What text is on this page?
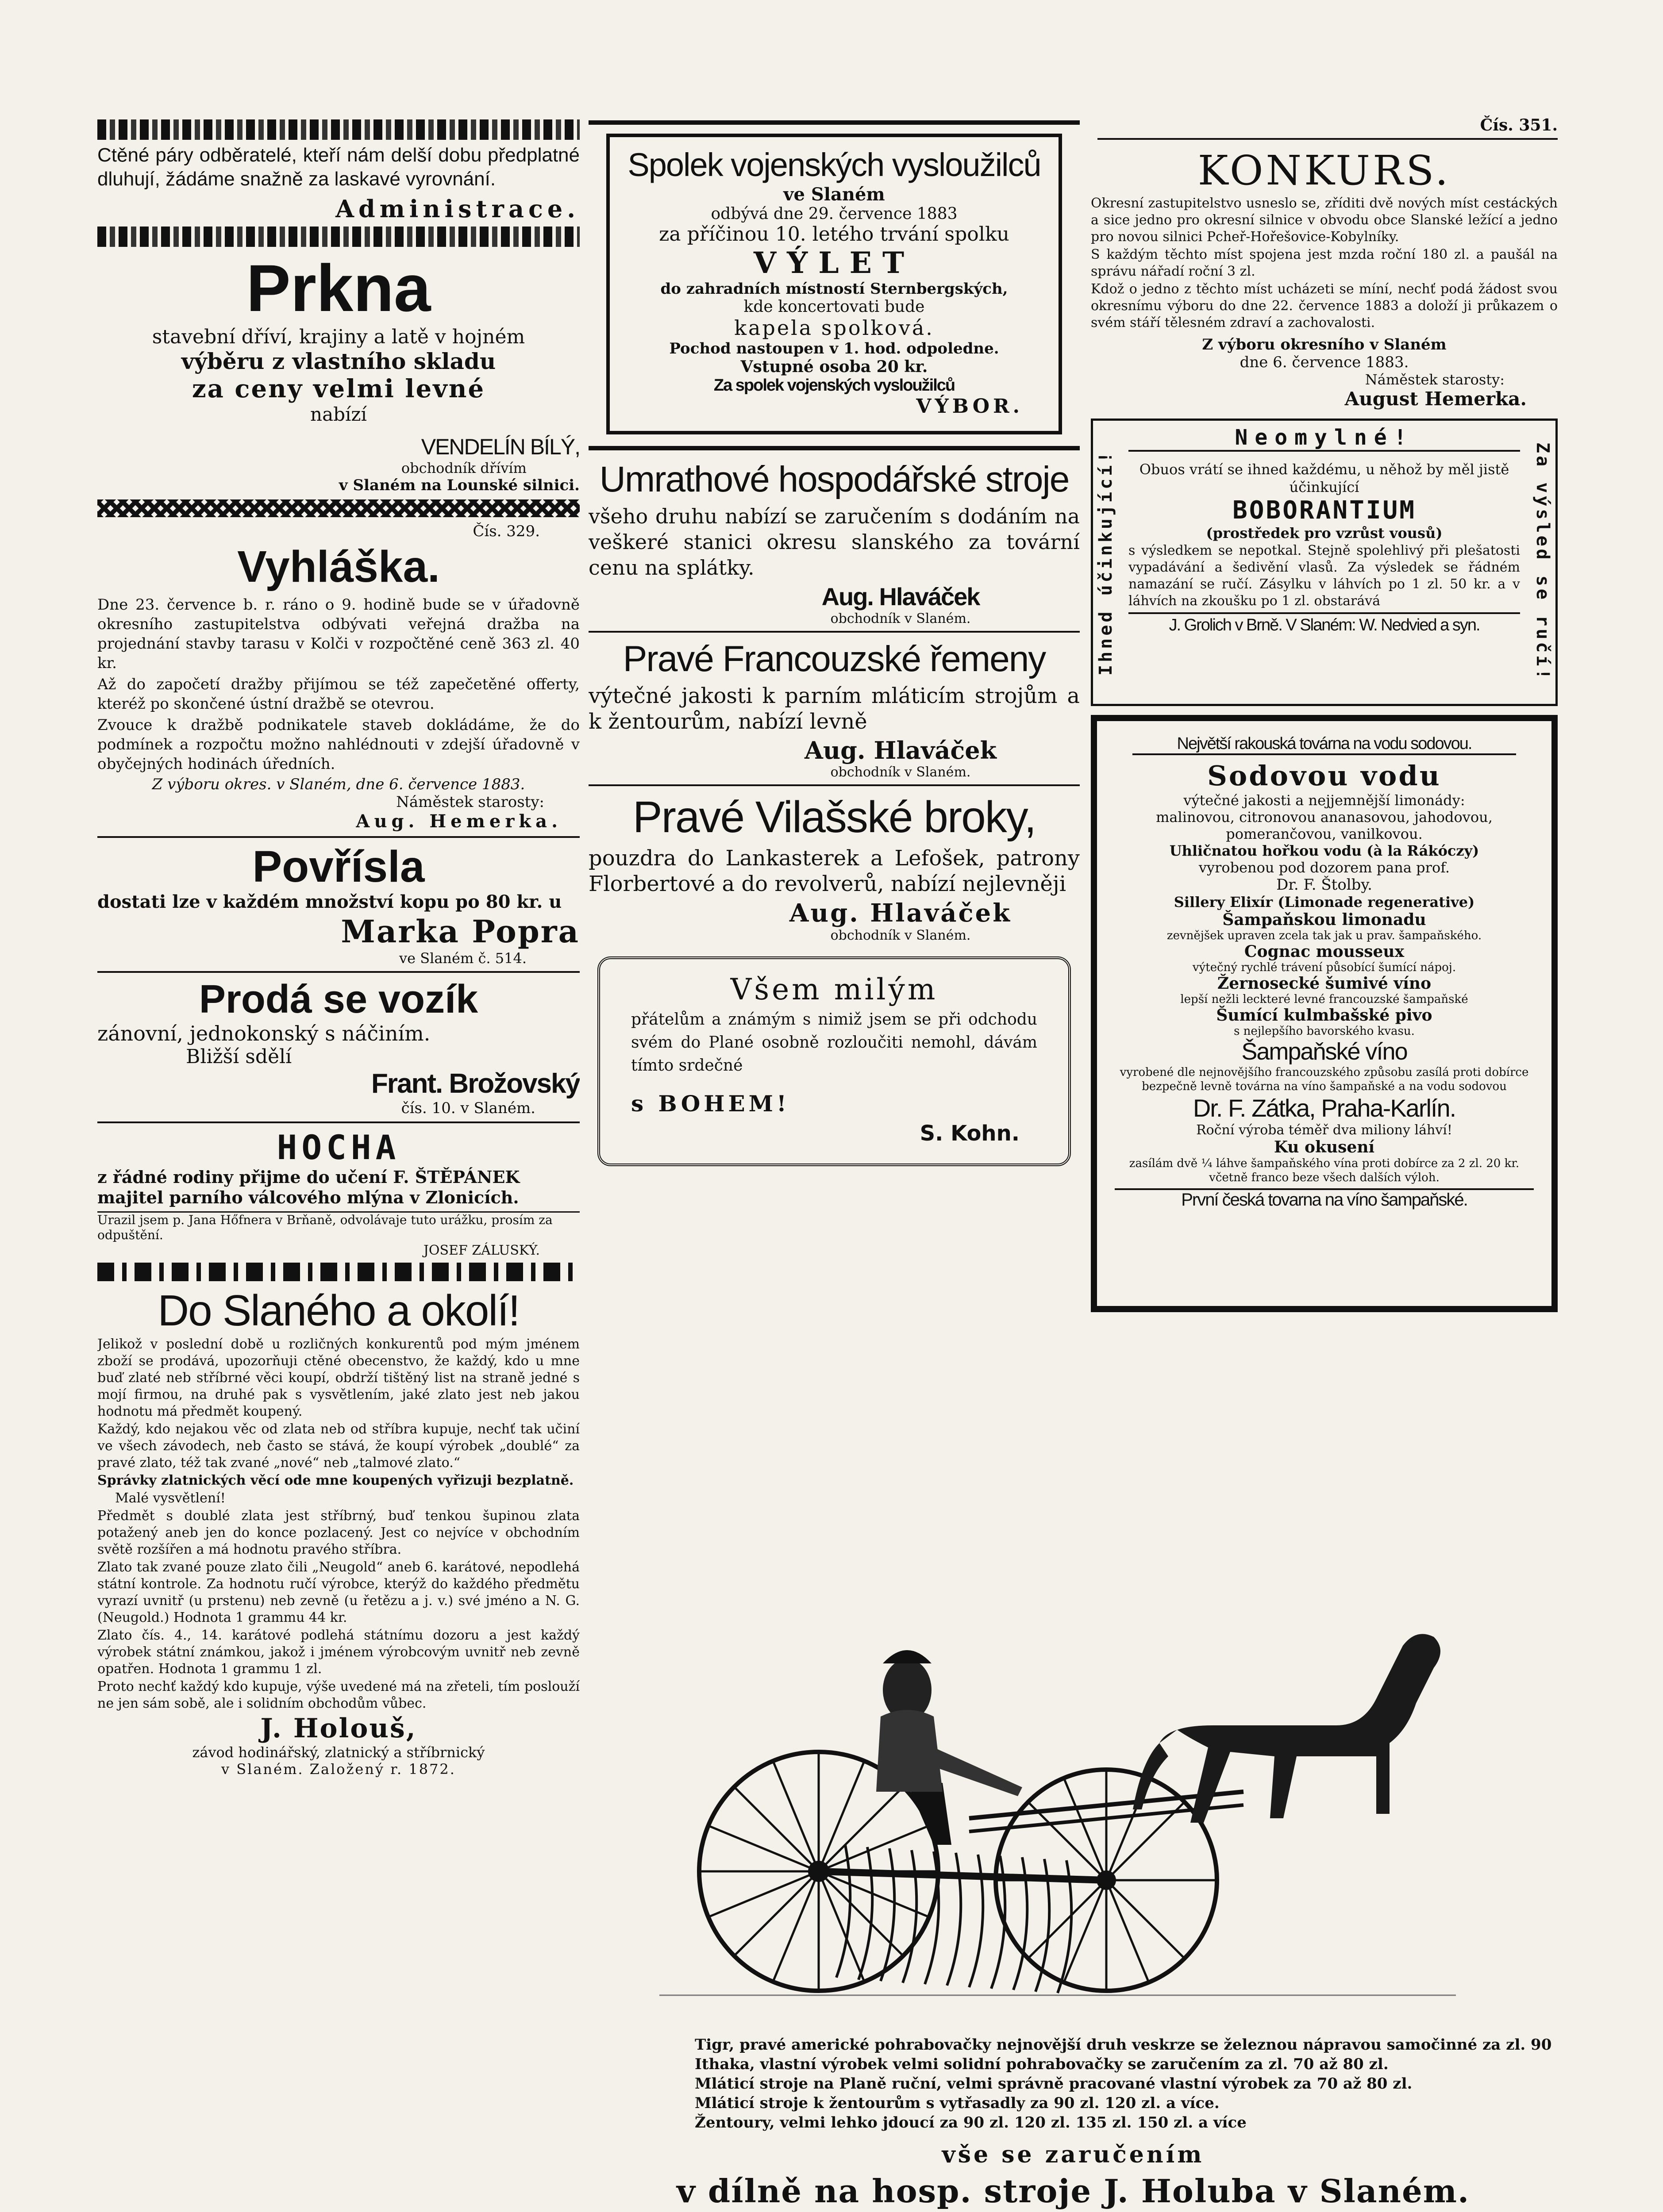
Čís. 351.
Ctěné páry odběratelé, kteří nám delší dobu předplatné dluhují, žádáme snažně za laskavé vyrovnání.
Administrace.
Prkna
stavební dříví, krajiny a latě v hojném
výběru z vlastního skladu
za ceny velmi levné
nabízí
VENDELÍN BÍLÝ,
obchodník dřívím
v Slaném na Lounské silnici.
Čís. 329.
Vyhláška.

Dne 23. července b. r. ráno o 9. hodině bude se v úřadovně okresního zastupitelstva odbývati veřejná dražba na projednání stavby tarasu v Kolči v rozpočtěné ceně 363 zl. 40 kr.

Až do započetí dražby přijímou se též zapečetěné offerty, kteréž po skončené ústní dražbě se otevrou.

Zvouce k dražbě podnikatele staveb dokládáme, že do podmínek a rozpočtu možno nahlédnouti v zdejší úřadovně v obyčejných hodinách úředních.

Z výboru okres. v Slaném, dne 6. července 1883.
Náměstek starosty:
Aug. Hemerka.
Povřísla
dostati lze v každém množství kopu po 80 kr. u
Marka Popra
ve Slaném č. 514.
Prodá se vozík
zánovní, jednokonský s náčiním.
Bližší sdělí
Frant. Brožovský
čís. 10. v Slaném.
HOCHA
z řádné rodiny přijme do učení F. ŠTĚPÁNEK majitel parního válcového mlýna v Zlonicích.
Urazil jsem p. Jana Hőfnera v Brňaně, odvolávaje tuto urážku, prosím za odpuštění.
JOSEF ZÁLUSKÝ.
Do Slaného a okolí!

Jelikož v poslední době u rozličných konkurentů pod mým jménem zboží se prodává, upozorňuji ctěné obecenstvo, že každý, kdo u mne buď zlaté neb stříbrné věci koupí, obdrží tištěný list na straně jedné s mojí firmou, na druhé pak s vysvětlením, jaké zlato jest neb jakou hodnotu má předmět koupený.

Každý, kdo nejakou věc od zlata neb od stříbra kupuje, nechť tak učiní ve všech závodech, neb často se stává, že koupí výrobek „doublé“ za pravé zlato, též tak zvané „nové“ neb „talmové zlato.“

Správky zlatnických věcí ode mne koupených vyřizuji bezplatně.

Malé vysvětlení!

Předmět s doublé zlata jest stříbrný, buď tenkou šupinou zlata potažený aneb jen do konce pozlacený. Jest co nejvíce v obchodním světě rozšířen a má hodnotu pravého stříbra.

Zlato tak zvané pouze zlato čili „Neugold“ aneb 6. karátové, nepodlehá státní kontrole. Za hodnotu ručí výrobce, kterýž do každého předmětu vyrazí uvnitř (u prstenu) neb zevně (u řetězu a j. v.) své jméno a N. G. (Neugold.) Hodnota 1 grammu 44 kr.

Zlato čís. 4., 14. karátové podlehá státnímu dozoru a jest každý výrobek státní známkou, jakož i jménem výrobcovým uvnitř neb zevně opatřen. Hodnota 1 grammu 1 zl.

Proto nechť každý kdo kupuje, výše uvedené má na zřeteli, tím poslouží ne jen sám sobě, ale i solidním obchodům vůbec.

J. Holouš,
závod hodinářský, zlatnický a stříbrnický
v Slaném. Založený r. 1872.
Spolek vojenských vysloužilců
ve Slaném
odbývá dne 29. července 1883
za příčinou 10. letého trvání spolku
VÝLET
do zahradních místností Sternbergských,
kde koncertovati bude
kapela spolková.
Pochod nastoupen v 1. hod. odpoledne.
Vstupné osoba 20 kr.
Za spolek vojenských vysloužilců
VÝBOR.
Umrathové hospodářské stroje
všeho druhu nabízí se zaručením s dodáním na veškeré stanici okresu slanského za tovární cenu na splátky.
Aug. Hlaváček
obchodník v Slaném.
Pravé Francouzské řemeny
výtečné jakosti k parním mláticím strojům a k žentourům, nabízí levně
Aug. Hlaváček
obchodník v Slaném.
Pravé Vilašské broky,
pouzdra do Lankasterek a Lefošek, patrony Florbertové a do revolverů, nabízí nejlevněji
Aug. Hlaváček
obchodník v Slaném.
Všem milým
přátelům a známým s nimiž jsem se při odchodu svém do Plané osobně rozloučiti nemohl, dávám tímto srdečné
s BOHEM!
S. Kohn.
KONKURS.

Okresní zastupitelstvo usneslo se, zříditi dvě nových míst cestáckých a sice jedno pro okresní silnice v obvodu obce Slanské ležící a jedno pro novou silnici Pcheř-Hořešovice-Kobylníky.

S každým těchto míst spojena jest mzda roční 180 zl. a paušál na správu nářadí roční 3 zl.

Kdož o jedno z těchto míst ucházeti se míní, nechť podá žádost svou okresnímu výboru do dne 22. července 1883 a doloží ji průkazem o svém stáří tělesném zdraví a zachovalosti.

Z výboru okresního v Slaném
dne 6. července 1883.
Náměstek starosty:
August Hemerka.
Ihned účinkující!	Za výsled se ručí!
Neomylné!
Obuos vrátí se ihned každému, u něhož by měl jistě účinkující
BOBORANTIUM
(prostředek pro vzrůst vousů)
s výsledkem se nepotkal. Stejně spolehlivý při plešatosti vypadávání a šedivění vlasů. Za výsledek se řádném namazání se ručí. Zásylku v láhvích po 1 zl. 50 kr. a v láhvích na zkoušku po 1 zl. obstarává
J. Grolich v Brně. V Slaném: W. Nedvied a syn.
Největší rakouská továrna na vodu sodovou.
Sodovou vodu
výtečné jakosti a nejjemnější limonády:
malinovou, citronovou ananasovou, jahodovou, pomerančovou, vanilkovou.
Uhličnatou hořkou vodu (à la Rákóczy)
vyrobenou pod dozorem pana prof.
Dr. F. Štolby.
Sillery Elixír (Limonade regenerative)
Šampaňskou limonadu
zevnějšek upraven zcela tak jak u prav. šampaňského.
Cognac mousseux
výtečný rychlé trávení působící šumící nápoj.
Žernosecké šumivé víno
lepší nežli leckteré levné francouzské šampaňské
Šumící kulmbašské pivo
s nejlepšího bavorského kvasu.
Šampaňské víno
vyrobené dle nejnovějšího francouzského způsobu zasílá proti dobírce bezpečně levně továrna na víno šampaňské a na vodu sodovou
Dr. F. Zátka, Praha-Karlín.
Roční výroba téměř dva miliony láhví!
Ku okusení
zasílám dvě ¼ láhve šampaňského vína proti dobírce za 2 zl. 20 kr. včetně franco beze všech dalších výloh.
První česká tovarna na víno šampaňské.
Tigr, pravé americké pohrabovačky nejnovější druh veskrze se železnou nápravou samočinné za zl. 90
Ithaka, vlastní výrobek velmi solidní pohrabovačky se zaručením za zl. 70 až 80 zl.
Mláticí stroje na Planě ruční, velmi správně pracované vlastní výrobek za 70 až 80 zl.
Mláticí stroje k žentourům s vytřasadly za 90 zl. 120 zl. a více.
Žentoury, velmi lehko jdoucí za 90 zl. 120 zl. 135 zl. 150 zl. a více
vše se zaručením
v dílně na hosp. stroje J. Holuba v Slaném.
